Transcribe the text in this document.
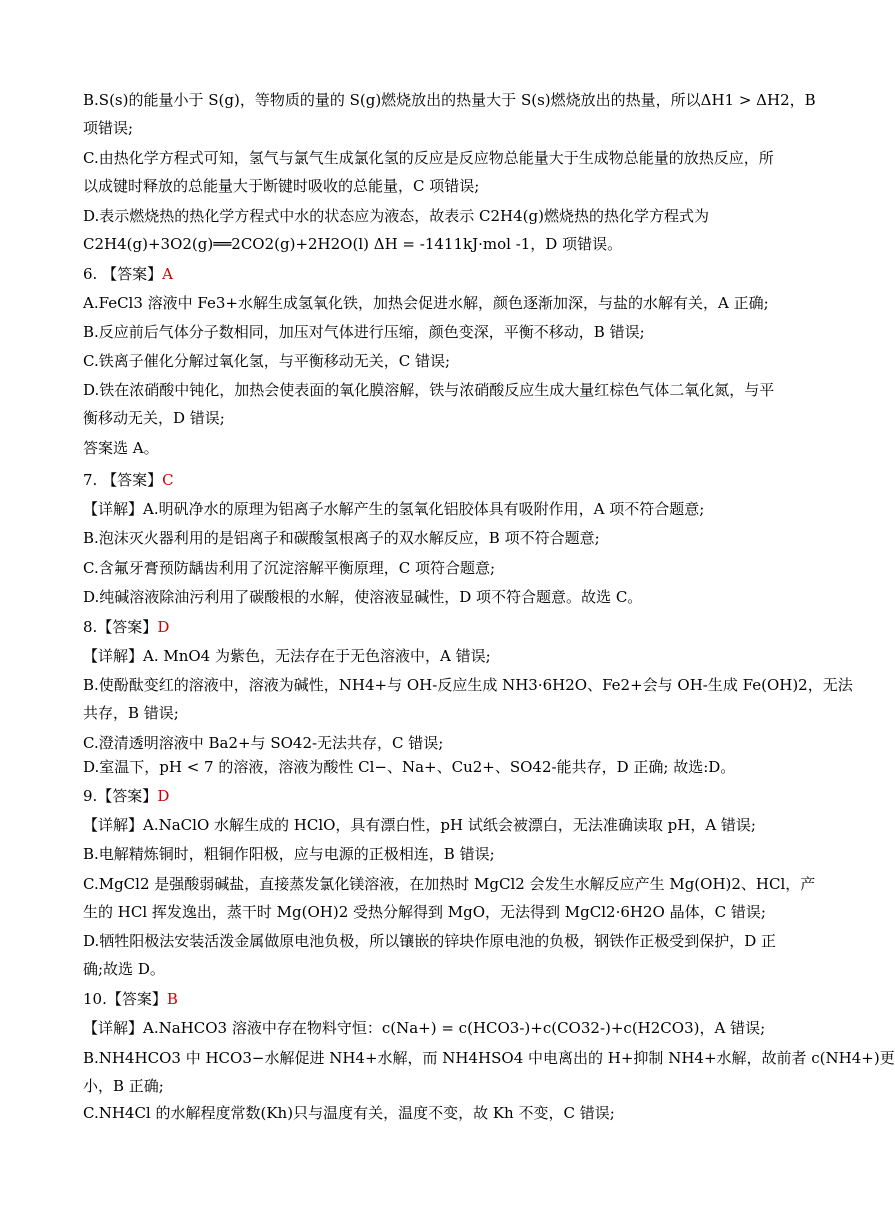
B.S(s)的能量小于 S(g)，等物质的量的 S(g)燃烧放出的热量大于 S(s)燃烧放出的热量，所以ΔH1 > ΔH2，B
项错误;
C.由热化学方程式可知，氢气与氯气生成氯化氢的反应是反应物总能量大于生成物总能量的放热反应，所
以成键时释放的总能量大于断键时吸收的总能量，C 项错误;
D.表示燃烧热的热化学方程式中水的状态应为液态，故表示 C2H4(g)燃烧热的热化学方程式为
C2H4(g)+3O2(g)══2CO2(g)+2H2O(l) ΔH = -1411kJ·mol -1，D 项错误。
6. 【答案】A
A.FeCl3 溶液中 Fe3+水解生成氢氧化铁，加热会促进水解，颜色逐渐加深，与盐的水解有关，A 正确;
B.反应前后气体分子数相同，加压对气体进行压缩，颜色变深，平衡不移动，B 错误;
C.铁离子催化分解过氧化氢，与平衡移动无关，C 错误;
D.铁在浓硝酸中钝化，加热会使表面的氧化膜溶解，铁与浓硝酸反应生成大量红棕色气体二氧化氮，与平
衡移动无关，D 错误;
答案选 A。
7. 【答案】C
【详解】A.明矾净水的原理为铝离子水解产生的氢氧化铝胶体具有吸附作用，A 项不符合题意;
B.泡沫灭火器利用的是铝离子和碳酸氢根离子的双水解反应，B 项不符合题意;
C.含氟牙膏预防龋齿利用了沉淀溶解平衡原理，C 项符合题意;
D.纯碱溶液除油污利用了碳酸根的水解，使溶液显碱性，D 项不符合题意。故选 C。
8.【答案】D
【详解】A. MnO4 为紫色，无法存在于无色溶液中，A 错误;
B.使酚酞变红的溶液中，溶液为碱性，NH4+与 OH-反应生成 NH3·6H2O、Fe2+会与 OH-生成 Fe(OH)2，无法
共存，B 错误;
C.澄清透明溶液中 Ba2+与 SO42-无法共存，C 错误;
D.室温下，pH < 7 的溶液，溶液为酸性 Cl−、Na+、Cu2+、SO42-能共存，D 正确; 故选:D。
9.【答案】D
【详解】A.NaClO 水解生成的 HClO，具有漂白性，pH 试纸会被漂白，无法准确读取 pH，A 错误;
B.电解精炼铜时，粗铜作阳极，应与电源的正极相连，B 错误;
C.MgCl2 是强酸弱碱盐，直接蒸发氯化镁溶液，在加热时 MgCl2 会发生水解反应产生 Mg(OH)2、HCl，产
生的 HCl 挥发逸出，蒸干时 Mg(OH)2 受热分解得到 MgO，无法得到 MgCl2·6H2O 晶体，C 错误;
D.牺牲阳极法安装活泼金属做原电池负极，所以镶嵌的锌块作原电池的负极，钢铁作正极受到保护，D 正
确;故选 D。
10.【答案】B
【详解】A.NaHCO3 溶液中存在物料守恒：c(Na+) = c(HCO3-)+c(CO32-)+c(H2CO3)，A 错误;
B.NH4HCO3 中 HCO3−水解促进 NH4+水解，而 NH4HSO4 中电离出的 H+抑制 NH4+水解，故前者 c(NH4+)更
小，B 正确;
C.NH4Cl 的水解程度常数(Kh)只与温度有关，温度不变，故 Kh 不变，C 错误;
